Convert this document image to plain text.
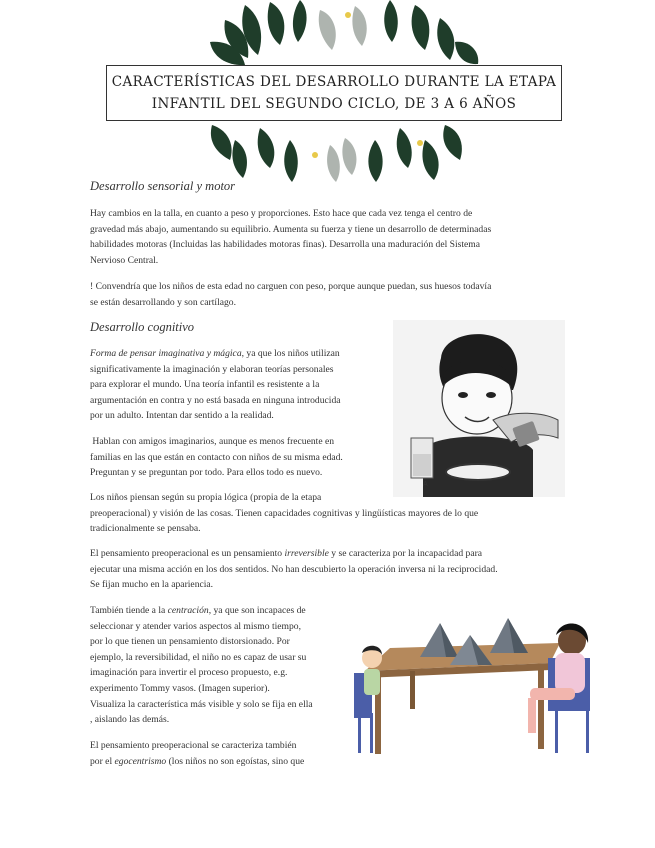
CARACTERÍSTICAS DEL DESARROLLO DURANTE LA ETAPA
INFANTIL DEL SEGUNDO CICLO, DE 3 A 6 AÑOS
Desarrollo sensorial y motor
Hay cambios en la talla, en cuanto a peso y proporciones. Esto hace que cada vez tenga el centro de
gravedad más abajo, aumentando su equilibrio. Aumenta su fuerza y tiene un desarrollo de determinadas
habilidades motoras (Incluidas las habilidades motoras finas). Desarrolla una maduración del Sistema
Nervioso Central.
! Convendría que los niños de esta edad no carguen con peso, porque aunque puedan, sus huesos todavía
se están desarrollando y son cartílago.
Desarrollo cognitivo
Forma de pensar imaginativa y mágica, ya que los niños utilizan
significativamente la imaginación y elaboran teorías personales
para explorar el mundo. Una teoría infantil es resistente a la
argumentación en contra y no está basada en ninguna introducida
por un adulto. Intentan dar sentido a la realidad.
Hablan con amigos imaginarios, aunque es menos frecuente en
familias en las que están en contacto con niños de su misma edad.
Preguntan y se preguntan por todo. Para ellos todo es nuevo.
A
Los niños piensan según su propia lógica (propia de la etapa
preoperacional) y visión de las cosas. Tienen capacidades cognitivas y lingüísticas mayores de lo que
tradicionalmente se pensaba.
El pensamiento preoperacional es un pensamiento irreversible y se caracteriza por la incapacidad para
ejecutar una misma acción en los dos sentidos. No han descubierto la operación inversa ni la reciprocidad.
Se fijan mucho en la apariencia.
También tiende a la centración, ya que son incapaces de
seleccionar y atender varios aspectos al mismo tiempo,
por lo que tienen un pensamiento distorsionado. Por
ejemplo, la reversibilidad, el niño no es capaz de usar su
imaginación para invertir el proceso propuesto, e.g.
experimento Tommy vasos. (Imagen superior).
Visualiza la característica más visible y solo se fija en ella
, aislando las demás.
El pensamiento preoperacional se caracteriza también
por el egocentrismo (los niños no son egoístas, sino que
